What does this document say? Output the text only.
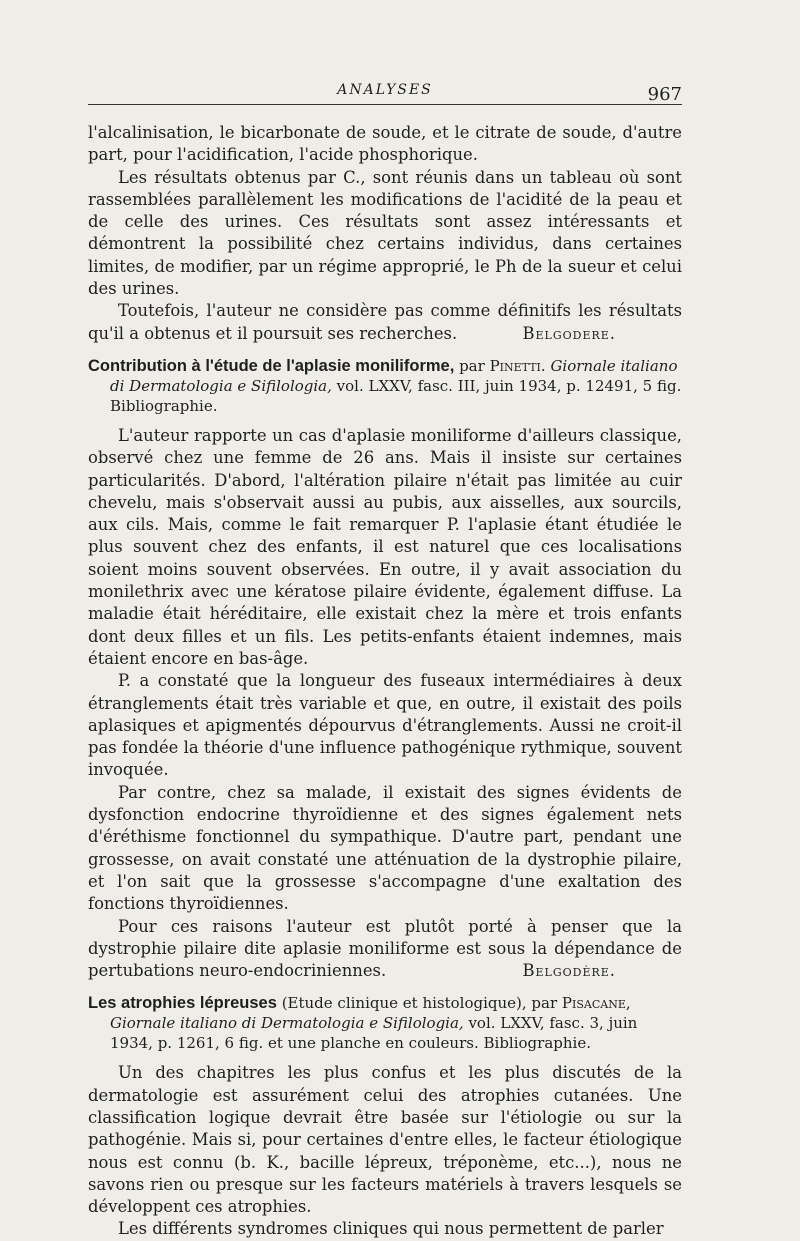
ANALYSES	967

l'alcalinisation, le bicarbonate de soude, et le citrate de soude, d'autre part, pour l'acidification, l'acide phosphorique.

Les résultats obtenus par C., sont réunis dans un tableau où sont rassemblées parallèlement les modifications de l'acidité de la peau et de celle des urines. Ces résultats sont assez intéressants et démontrent la possibilité chez certains individus, dans certaines limites, de modifier, par un régime approprié, le Ph de la sueur et celui des urines.

Toutefois, l'auteur ne considère pas comme définitifs les résultats qu'il a obtenus et il poursuit ses recherches.	Belgodere.

Contribution à l'étude de l'aplasie moniliforme, par Pinetti. Giornale italiano di Dermatologia e Sifilologia, vol. LXXV, fasc. III, juin 1934, p. 12491, 5 fig. Bibliographie.

L'auteur rapporte un cas d'aplasie moniliforme d'ailleurs classique, observé chez une femme de 26 ans. Mais il insiste sur certaines particularités. D'abord, l'altération pilaire n'était pas limitée au cuir chevelu, mais s'observait aussi au pubis, aux aisselles, aux sourcils, aux cils. Mais, comme le fait remarquer P. l'aplasie étant étudiée le plus souvent chez des enfants, il est naturel que ces localisations soient moins souvent observées. En outre, il y avait association du monilethrix avec une kératose pilaire évidente, également diffuse. La maladie était héréditaire, elle existait chez la mère et trois enfants dont deux filles et un fils. Les petits-enfants étaient indemnes, mais étaient encore en bas-âge.

P. a constaté que la longueur des fuseaux intermédiaires à deux étranglements était très variable et que, en outre, il existait des poils aplasiques et apigmentés dépourvus d'étranglements. Aussi ne croit-il pas fondée la théorie d'une influence pathogénique rythmique, souvent invoquée.

Par contre, chez sa malade, il existait des signes évidents de dysfonction endocrine thyroïdienne et des signes également nets d'éréthisme fonctionnel du sympathique. D'autre part, pendant une grossesse, on avait constaté une atténuation de la dystrophie pilaire, et l'on sait que la grossesse s'accompagne d'une exaltation des fonctions thyroïdiennes.

Pour ces raisons l'auteur est plutôt porté à penser que la dystrophie pilaire dite aplasie moniliforme est sous la dépendance de pertubations neuro-endocriniennes.	Belgodère.

Les atrophies lépreuses (Etude clinique et histologique), par Pisacane, Giornale italiano di Dermatologia e Sifilologia, vol. LXXV, fasc. 3, juin 1934, p. 1261, 6 fig. et une planche en couleurs. Bibliographie.

Un des chapitres les plus confus et les plus discutés de la dermatologie est assurément celui des atrophies cutanées. Une classification logique devrait être basée sur l'étiologie ou sur la pathogénie. Mais si, pour certaines d'entre elles, le facteur étiologique nous est connu (b. K., bacille lépreux, tréponème, etc...), nous ne savons rien ou presque sur les facteurs matériels à travers lesquels se développent ces atrophies.

Les différents syndromes cliniques qui nous permettent de parler
